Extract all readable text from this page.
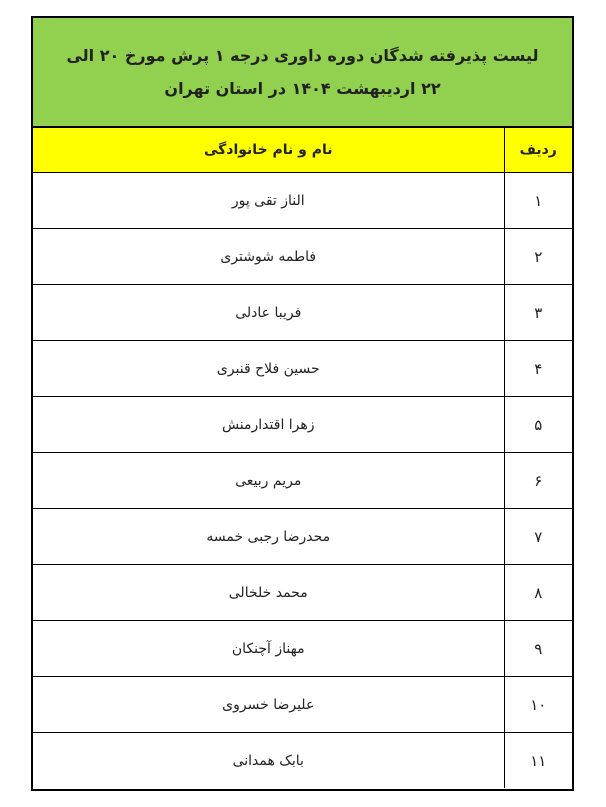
لیست پذیرفته شدگان دوره داوری درجه ۱ پرش مورخ ۲۰ الی ۲۲ اردیبهشت ۱۴۰۴ در استان تهران
ردیف	نام و نام خانوادگی
۱	الناز تقی پور
۲	فاطمه شوشتری
۳	فریبا عادلی
۴	حسین فلاح قنبری
۵	زهرا اقتدارمنش
۶	مریم ربیعی
۷	محدرضا رجبی خمسه
۸	محمد خلخالی
۹	مهناز آچنکان
۱۰	علیرضا خسروی
۱۱	بابک همدانی
